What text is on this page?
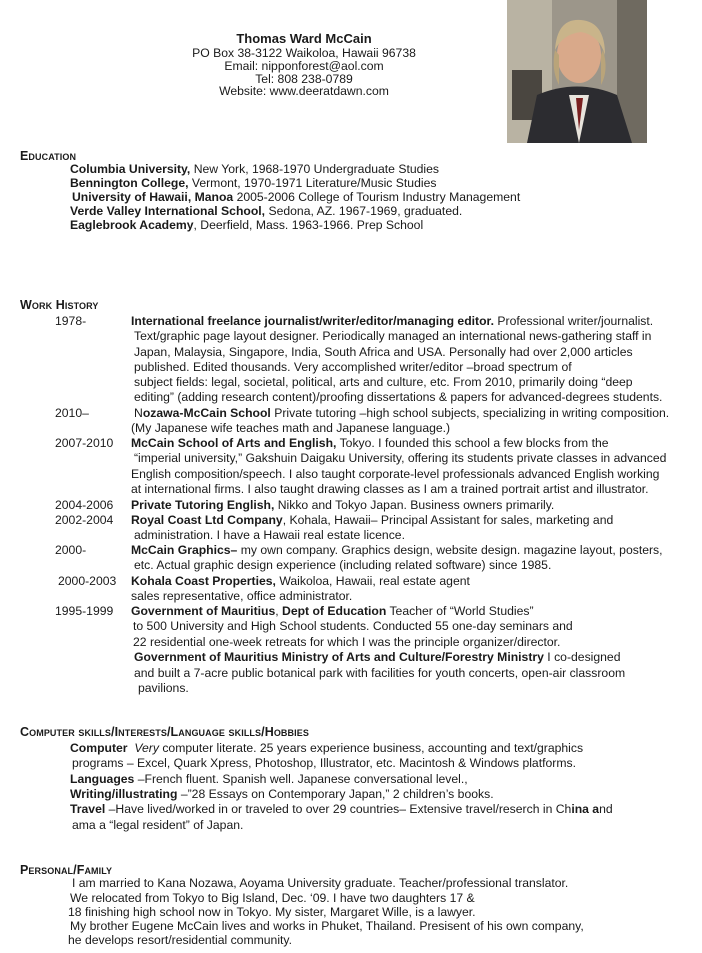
Thomas Ward McCain
PO Box 38-3122 Waikoloa, Hawaii 96738
Email: nipponforest@aol.com
Tel: 808 238-0789
Website: www.deeratdawn.com
Education
Columbia University, New York, 1968-1970 Undergraduate Studies
Bennington College, Vermont, 1970-1971 Literature/Music Studies
University of Hawaii, Manoa 2005-2006 College of Tourism Industry Management
Verde Valley International School, Sedona, AZ. 1967-1969, graduated.
Eaglebrook Academy, Deerfield, Mass. 1963-1966. Prep School
Work History
1978-	International freelance journalist/writer/editor/managing editor. Professional writer/journalist.
Text/graphic page layout designer. Periodically managed an international news-gathering staff in
Japan, Malaysia, Singapore, India, South Africa and USA. Personally had over 2,000 articles
published. Edited thousands. Very accomplished writer/editor –broad spectrum of
subject fields: legal, societal, political, arts and culture, etc. From 2010, primarily doing “deep
editing” (adding research content)/proofing dissertations & papers for advanced-degrees students.
2010–	Nozawa-McCain School Private tutoring –high school subjects, specializing in writing composition.
(My Japanese wife teaches math and Japanese language.)
2007-2010 McCain School of Arts and English, Tokyo. I founded this school a few blocks from the
“imperial university,” Gakshuin Daigaku University, offering its students private classes in advanced
English composition/speech. I also taught corporate-level professionals advanced English working
at international firms. I also taught drawing classes as I am a trained portrait artist and illustrator.
2004-2006 Private Tutoring English, Nikko and Tokyo Japan. Business owners primarily.
2002-2004 Royal Coast Ltd Company, Kohala, Hawaii– Principal Assistant for sales, marketing and
administration. I have a Hawaii real estate licence.
2000-	McCain Graphics– my own company. Graphics design, website design. magazine layout, posters,
etc. Actual graphic design experience (including related software) since 1985.
2000-2003 Kohala Coast Properties, Waikoloa, Hawaii, real estate agent
sales representative, office administrator.
1995-1999 Government of Mauritius, Dept of Education Teacher of “World Studies”
to 500 University and High School students. Conducted 55 one-day seminars and
22 residential one-week retreats for which I was the principle organizer/director.
Government of Mauritius Ministry of Arts and Culture/Forestry Ministry I co-designed
and built a 7-acre public botanical park with facilities for youth concerts, open-air classroom
pavilions.
Computer skills/Interests/Language skills/Hobbies
Computer Very computer literate. 25 years experience business, accounting and text/graphics
programs – Excel, Quark Xpress, Photoshop, Illustrator, etc. Macintosh & Windows platforms.
Languages –French fluent. Spanish well. Japanese conversational level.,
Writing/illustrating –”28 Essays on Contemporary Japan,” 2 children’s books.
Travel –Have lived/worked in or traveled to over 29 countries– Extensive travel/reserch in China and
ama a “legal resident” of Japan.
Personal/Family
I am married to Kana Nozawa, Aoyama University graduate. Teacher/professional translator.
We relocated from Tokyo to Big Island, Dec. ‘09. I have two daughters 17 &
18 finishing high school now in Tokyo. My sister, Margaret Wille, is a lawyer.
My brother Eugene McCain lives and works in Phuket, Thailand. Presisent of his own company,
he develops resort/residential community.
